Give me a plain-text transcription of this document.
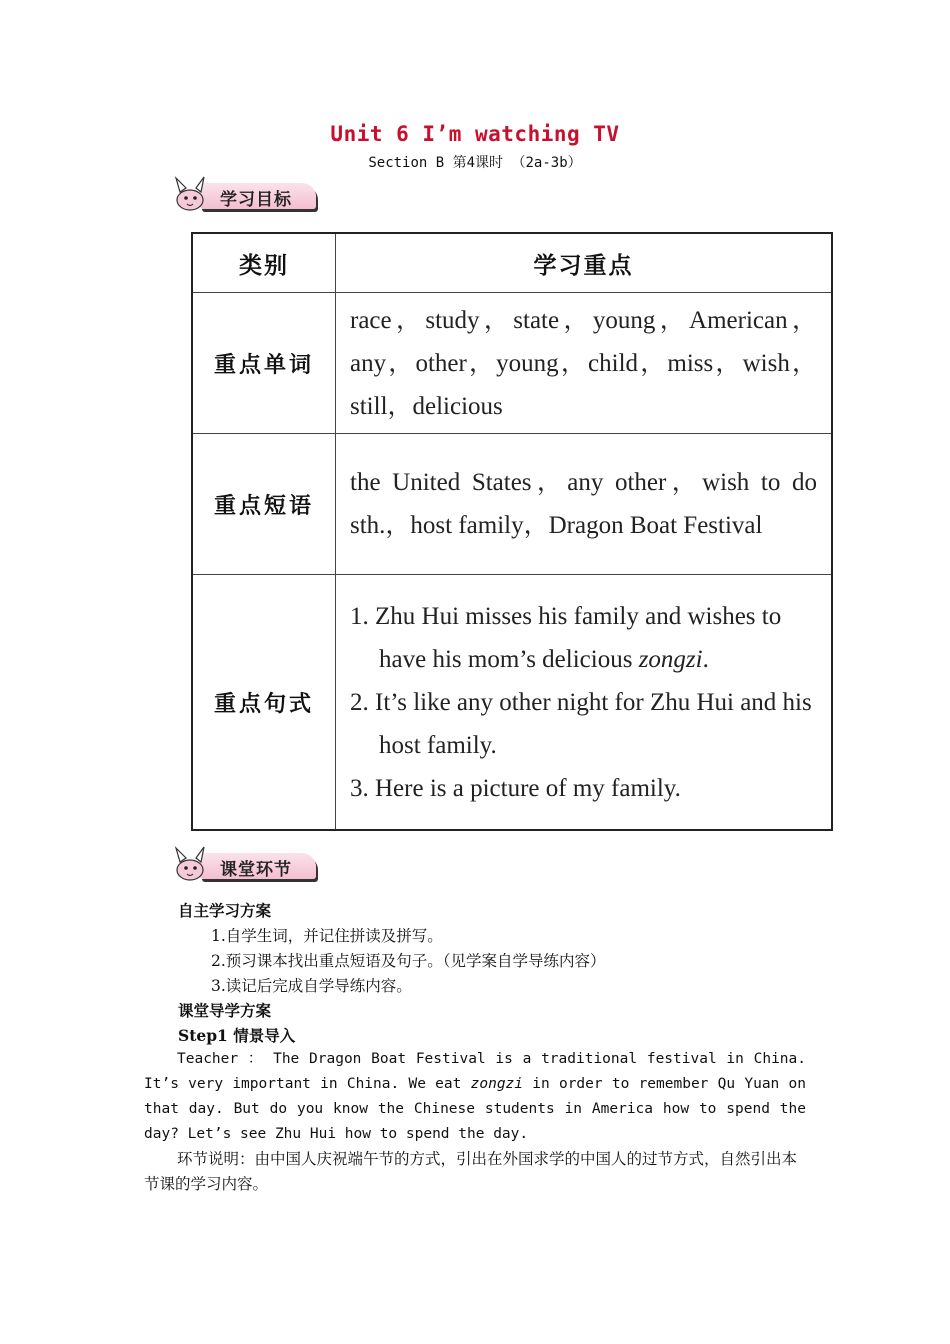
Unit 6 I’m watching TV
Section B 第4课时 （2a-3b）
学习目标
类别	学习重点
重点单词	race，study，state，young，American，any，other，young，child，miss，wish，still，delicious
重点短语	the United States，any other，wish to do sth.，host family，Dragon Boat Festival
重点句式	1. Zhu Hui misses his family and wishes to have his mom’s delicious zongzi.
2. It’s like any other night for Zhu Hui and his host family.
3. Here is a picture of my family.
课堂环节
自主学习方案
1.自学生词，并记住拼读及拼写。
2.预习课本找出重点短语及句子。（见学案自学导练内容）
3.读记后完成自学导练内容。
课堂导学方案
Step1 情景导入
Teacher ： The Dragon Boat Festival is a traditional festival in China. It’s very important in China. We eat zongzi in order to remember Qu Yuan on that day. But do you know the Chinese students in America how to spend the day? Let’s see Zhu Hui how to spend the day.
环节说明：由中国人庆祝端午节的方式，引出在外国求学的中国人的过节方式，自然引出本节课的学习内容。
